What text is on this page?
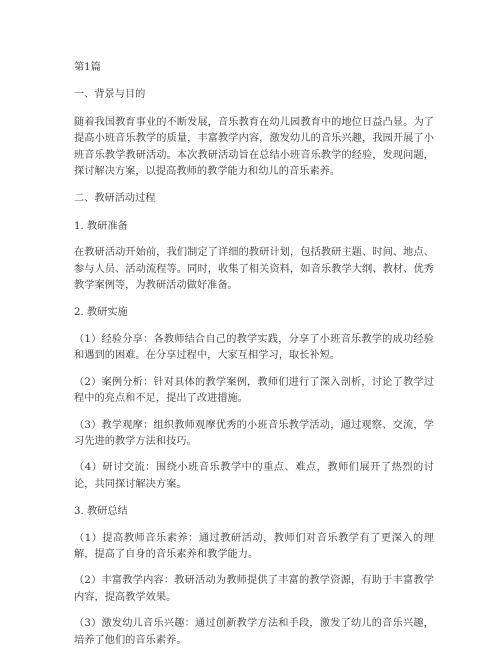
第1篇

一、背景与目的

随着我国教育事业的不断发展，音乐教育在幼儿园教育中的地位日益凸显。为了提高小班音乐教学的质量，丰富教学内容，激发幼儿的音乐兴趣，我园开展了小班音乐教学教研活动。本次教研活动旨在总结小班音乐教学的经验，发现问题，探讨解决方案，以提高教师的教学能力和幼儿的音乐素养。

二、教研活动过程

1. 教研准备

在教研活动开始前，我们制定了详细的教研计划，包括教研主题、时间、地点、参与人员、活动流程等。同时，收集了相关资料，如音乐教学大纲、教材、优秀教学案例等，为教研活动做好准备。

2. 教研实施

（1）经验分享：各教师结合自己的教学实践，分享了小班音乐教学的成功经验和遇到的困难。在分享过程中，大家互相学习，取长补短。

（2）案例分析：针对具体的教学案例，教师们进行了深入剖析，讨论了教学过程中的亮点和不足，提出了改进措施。

（3）教学观摩：组织教师观摩优秀的小班音乐教学活动，通过观察、交流，学习先进的教学方法和技巧。

（4）研讨交流：围绕小班音乐教学中的重点、难点，教师们展开了热烈的讨论，共同探讨解决方案。

3. 教研总结

（1）提高教师音乐素养：通过教研活动，教师们对音乐教学有了更深入的理解，提高了自身的音乐素养和教学能力。

（2）丰富教学内容：教研活动为教师提供了丰富的教学资源，有助于丰富教学内容，提高教学效果。

（3）激发幼儿音乐兴趣：通过创新教学方法和手段，激发了幼儿的音乐兴趣，培养了他们的音乐素养。
